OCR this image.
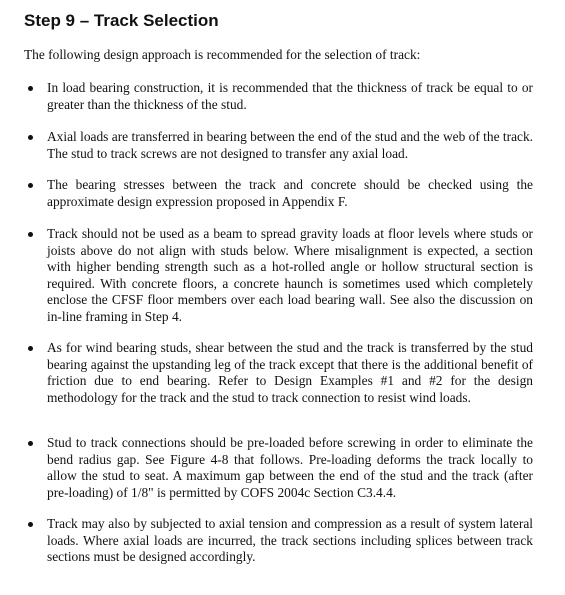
Step 9 – Track Selection
The following design approach is recommended for the selection of track:
In load bearing construction, it is recommended that the thickness of track be equal to or greater than the thickness of the stud.
Axial loads are transferred in bearing between the end of the stud and the web of the track. The stud to track screws are not designed to transfer any axial load.
The bearing stresses between the track and concrete should be checked using the approximate design expression proposed in Appendix F.
Track should not be used as a beam to spread gravity loads at floor levels where studs or joists above do not align with studs below. Where misalignment is expected, a section with higher bending strength such as a hot-rolled angle or hollow structural section is required. With concrete floors, a concrete haunch is sometimes used which completely enclose the CFSF floor members over each load bearing wall. See also the discussion on in-line framing in Step 4.
As for wind bearing studs, shear between the stud and the track is transferred by the stud bearing against the upstanding leg of the track except that there is the additional benefit of friction due to end bearing. Refer to Design Examples #1 and #2 for the design methodology for the track and the stud to track connection to resist wind loads.
Stud to track connections should be pre-loaded before screwing in order to eliminate the bend radius gap. See Figure 4-8 that follows. Pre-loading deforms the track locally to allow the stud to seat. A maximum gap between the end of the stud and the track (after pre-loading) of 1/8" is permitted by COFS 2004c Section C3.4.4.
Track may also by subjected to axial tension and compression as a result of system lateral loads. Where axial loads are incurred, the track sections including splices between track sections must be designed accordingly.
